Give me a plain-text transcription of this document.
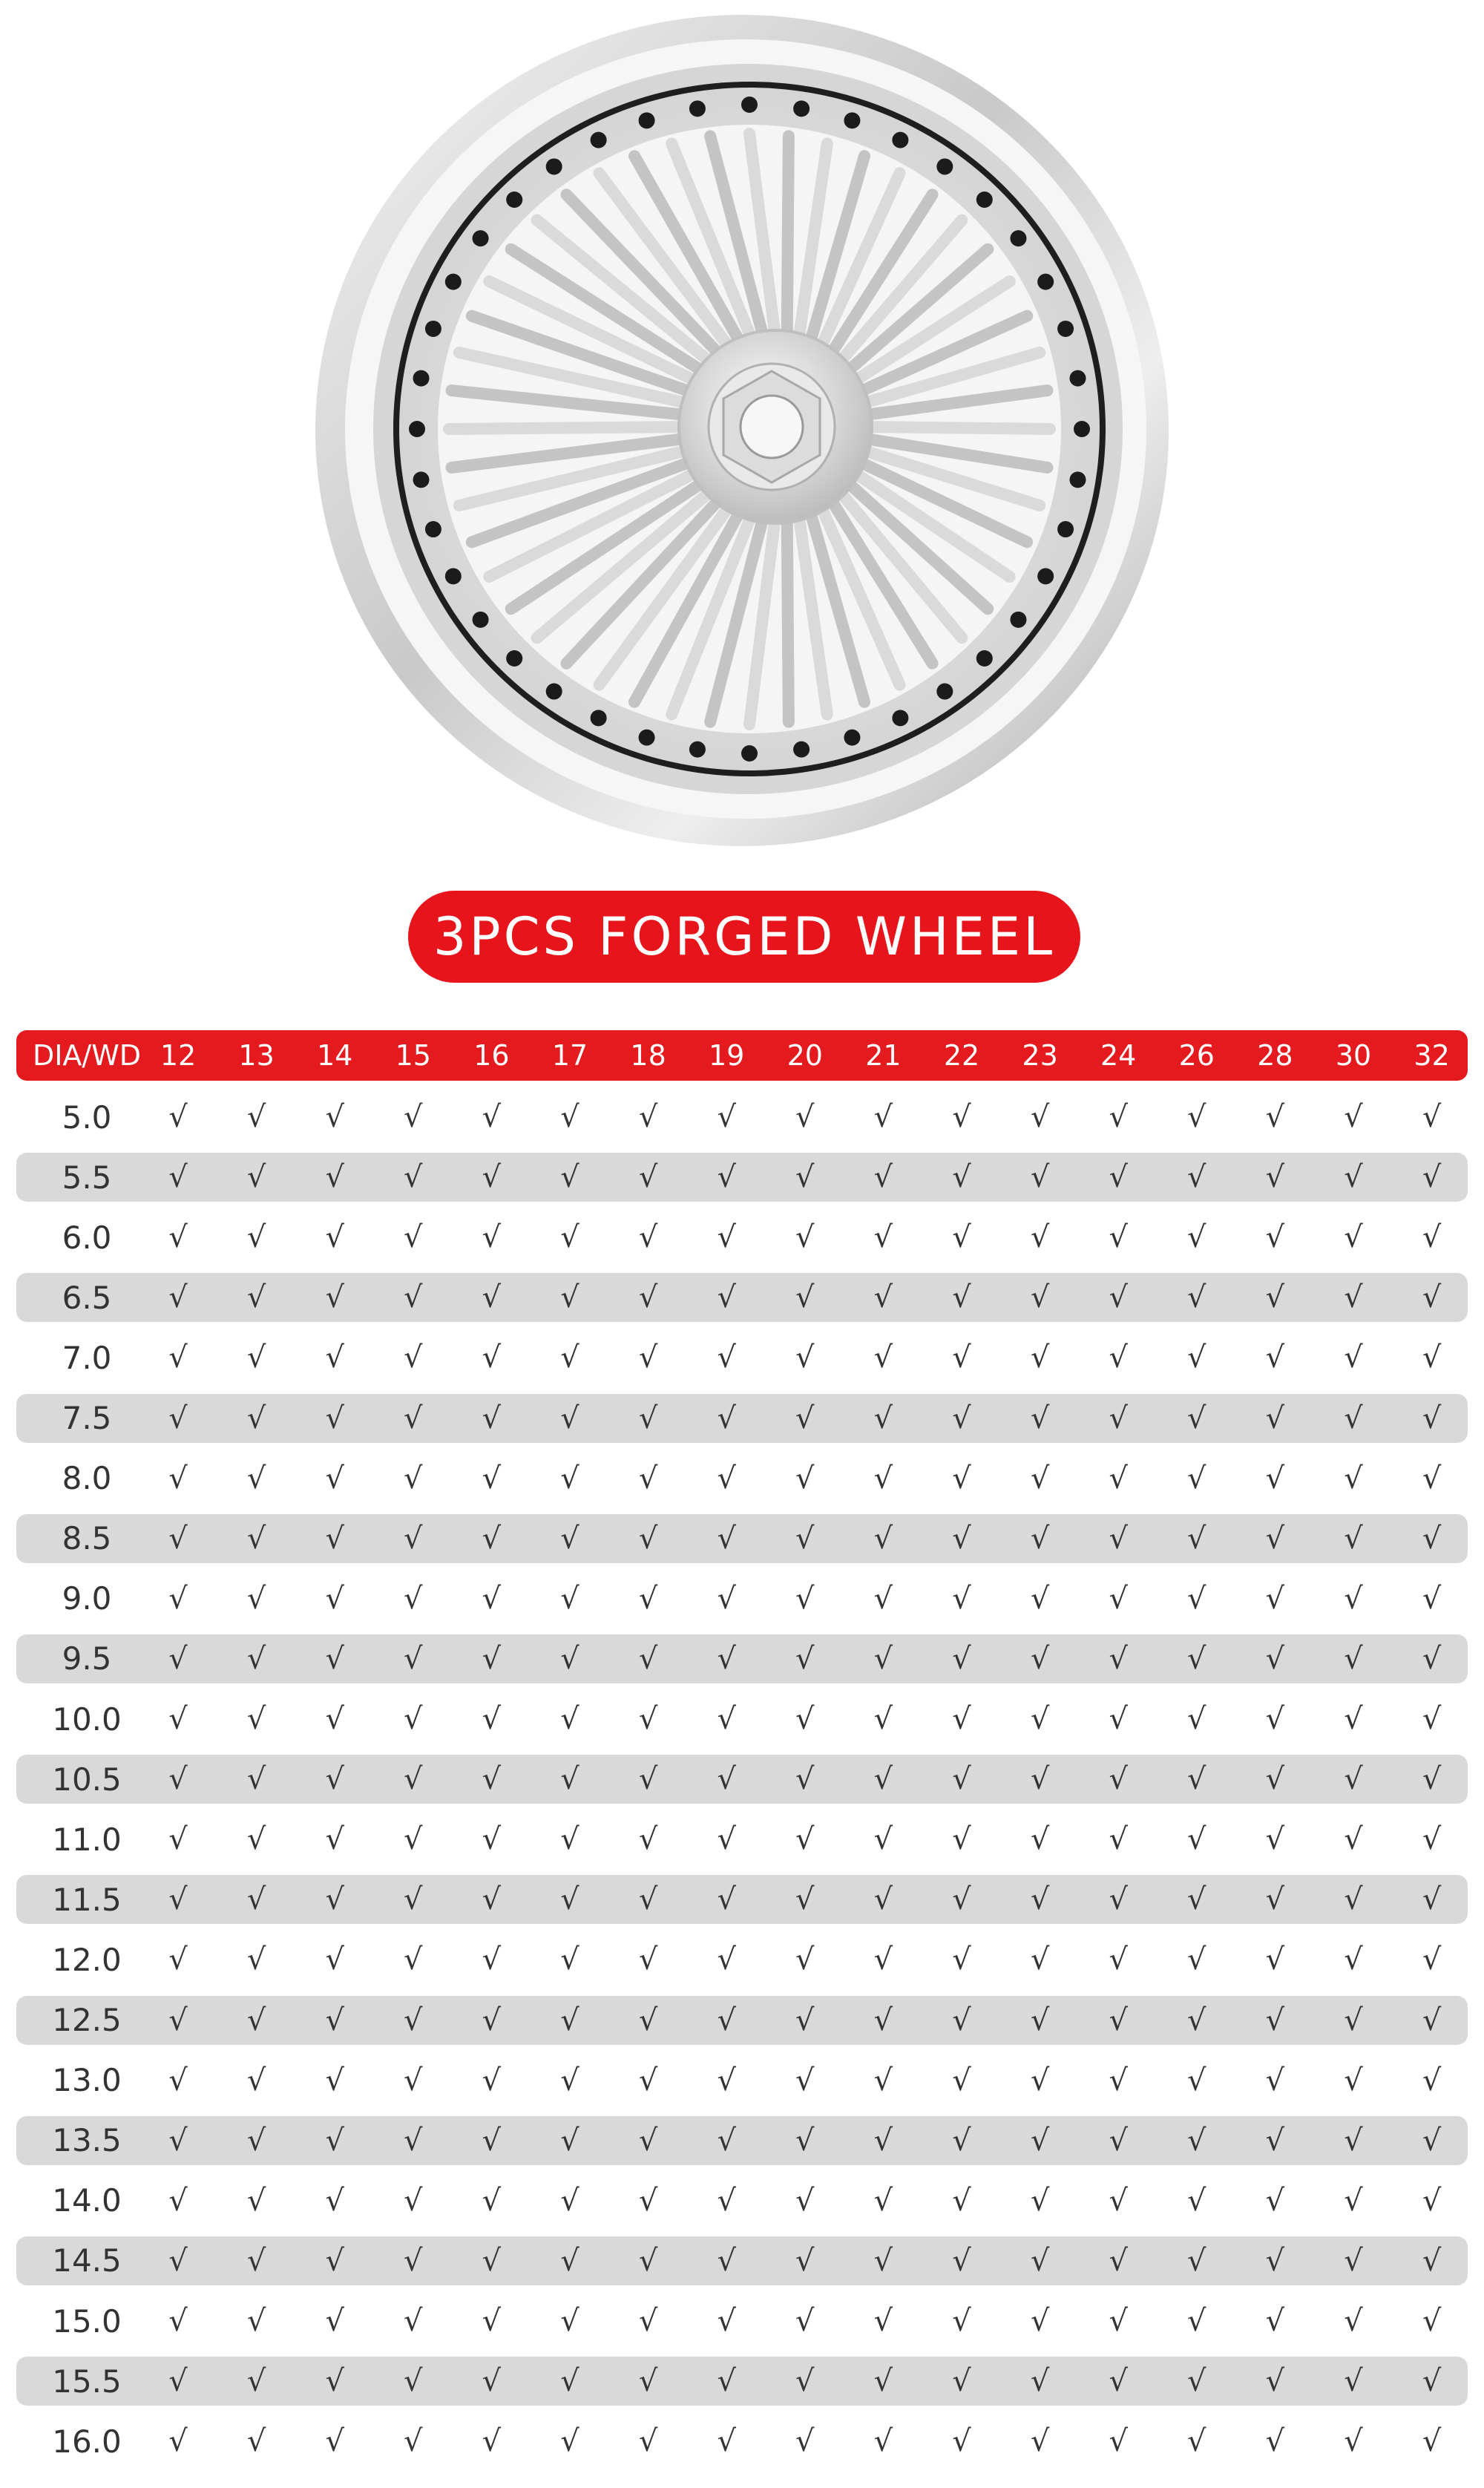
3PCS FORGED WHEEL
DIA/WD 12	13	14	15	16	17	18	19	20	21	22	23	24	26	28	30	32
5.0	√	√	√	√	√	√	√	√	√	√	√	√	√	√	√	√	√
5.5	√	√	√	√	√	√	√	√	√	√	√	√	√	√	√	√	√
6.0	√	√	√	√	√	√	√	√	√	√	√	√	√	√	√	√	√
6.5	√	√	√	√	√	√	√	√	√	√	√	√	√	√	√	√	√
7.0	√	√	√	√	√	√	√	√	√	√	√	√	√	√	√	√	√
7.5	√	√	√	√	√	√	√	√	√	√	√	√	√	√	√	√	√
8.0	√	√	√	√	√	√	√	√	√	√	√	√	√	√	√	√	√
8.5	√	√	√	√	√	√	√	√	√	√	√	√	√	√	√	√	√
9.0	√	√	√	√	√	√	√	√	√	√	√	√	√	√	√	√	√
9.5	√	√	√	√	√	√	√	√	√	√	√	√	√	√	√	√	√
10.0	√	√	√	√	√	√	√	√	√	√	√	√	√	√	√	√	√
10.5	√	√	√	√	√	√	√	√	√	√	√	√	√	√	√	√	√
11.0	√	√	√	√	√	√	√	√	√	√	√	√	√	√	√	√	√
11.5	√	√	√	√	√	√	√	√	√	√	√	√	√	√	√	√	√
12.0	√	√	√	√	√	√	√	√	√	√	√	√	√	√	√	√	√
12.5	√	√	√	√	√	√	√	√	√	√	√	√	√	√	√	√	√
13.0	√	√	√	√	√	√	√	√	√	√	√	√	√	√	√	√	√
13.5	√	√	√	√	√	√	√	√	√	√	√	√	√	√	√	√	√
14.0	√	√	√	√	√	√	√	√	√	√	√	√	√	√	√	√	√
14.5	√	√	√	√	√	√	√	√	√	√	√	√	√	√	√	√	√
15.0	√	√	√	√	√	√	√	√	√	√	√	√	√	√	√	√	√
15.5	√	√	√	√	√	√	√	√	√	√	√	√	√	√	√	√	√
16.0	√	√	√	√	√	√	√	√	√	√	√	√	√	√	√	√	√
